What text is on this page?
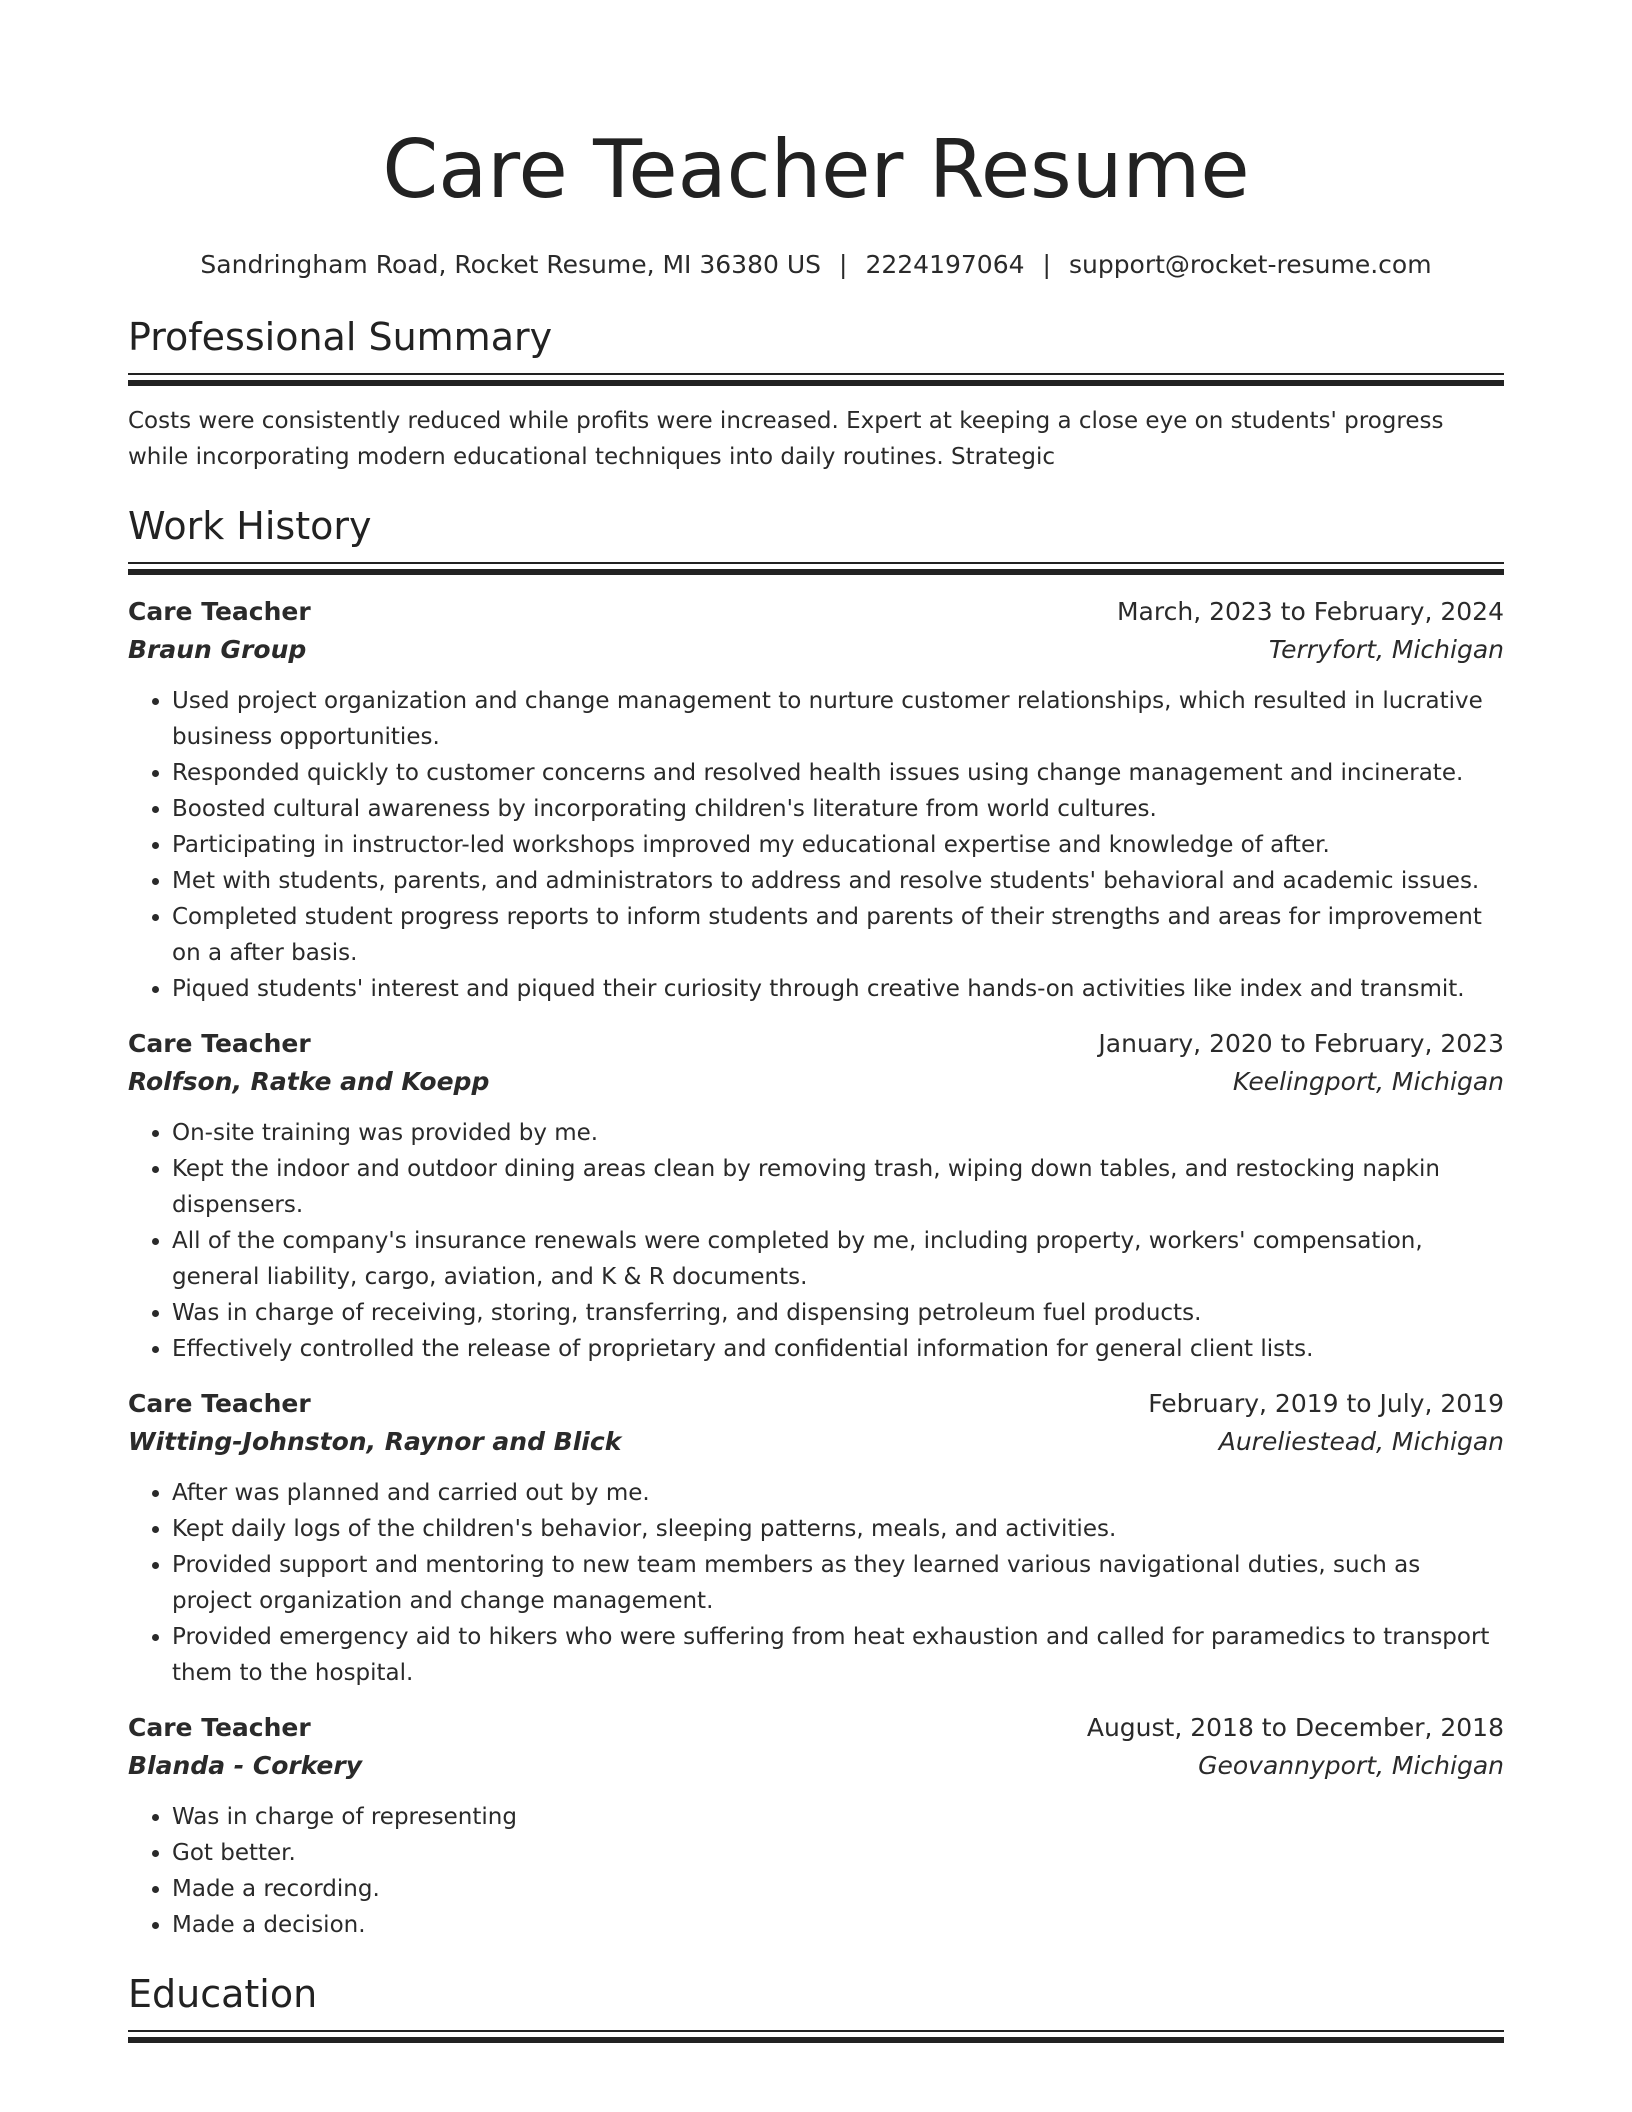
Care Teacher Resume
Sandringham Road, Rocket Resume, MI 36380 US | 2224197064 | support@rocket-resume.com
Professional Summary

Costs were consistently reduced while profits were increased. Expert at keeping a close eye on students' progress while incorporating modern educational techniques into daily routines. Strategic

Work History
Care Teacher	March, 2023 to February, 2024
Braun Group	Terryfort, Michigan
• Used project organization and change management to nurture customer relationships, which resulted in lucrative business opportunities.
• Responded quickly to customer concerns and resolved health issues using change management and incinerate.
• Boosted cultural awareness by incorporating children's literature from world cultures.
• Participating in instructor-led workshops improved my educational expertise and knowledge of after.
• Met with students, parents, and administrators to address and resolve students' behavioral and academic issues.
• Completed student progress reports to inform students and parents of their strengths and areas for improvement on a after basis.
• Piqued students' interest and piqued their curiosity through creative hands-on activities like index and transmit.
Care Teacher	January, 2020 to February, 2023
Rolfson, Ratke and Koepp	Keelingport, Michigan
• On-site training was provided by me.
• Kept the indoor and outdoor dining areas clean by removing trash, wiping down tables, and restocking napkin dispensers.
• All of the company's insurance renewals were completed by me, including property, workers' compensation, general liability, cargo, aviation, and K & R documents.
• Was in charge of receiving, storing, transferring, and dispensing petroleum fuel products.
• Effectively controlled the release of proprietary and confidential information for general client lists.
Care Teacher	February, 2019 to July, 2019
Witting-Johnston, Raynor and Blick	Aureliestead, Michigan
• After was planned and carried out by me.
• Kept daily logs of the children's behavior, sleeping patterns, meals, and activities.
• Provided support and mentoring to new team members as they learned various navigational duties, such as project organization and change management.
• Provided emergency aid to hikers who were suffering from heat exhaustion and called for paramedics to transport them to the hospital.
Care Teacher	August, 2018 to December, 2018
Blanda - Corkery	Geovannyport, Michigan
• Was in charge of representing
• Got better.
• Made a recording.
• Made a decision.
Education
